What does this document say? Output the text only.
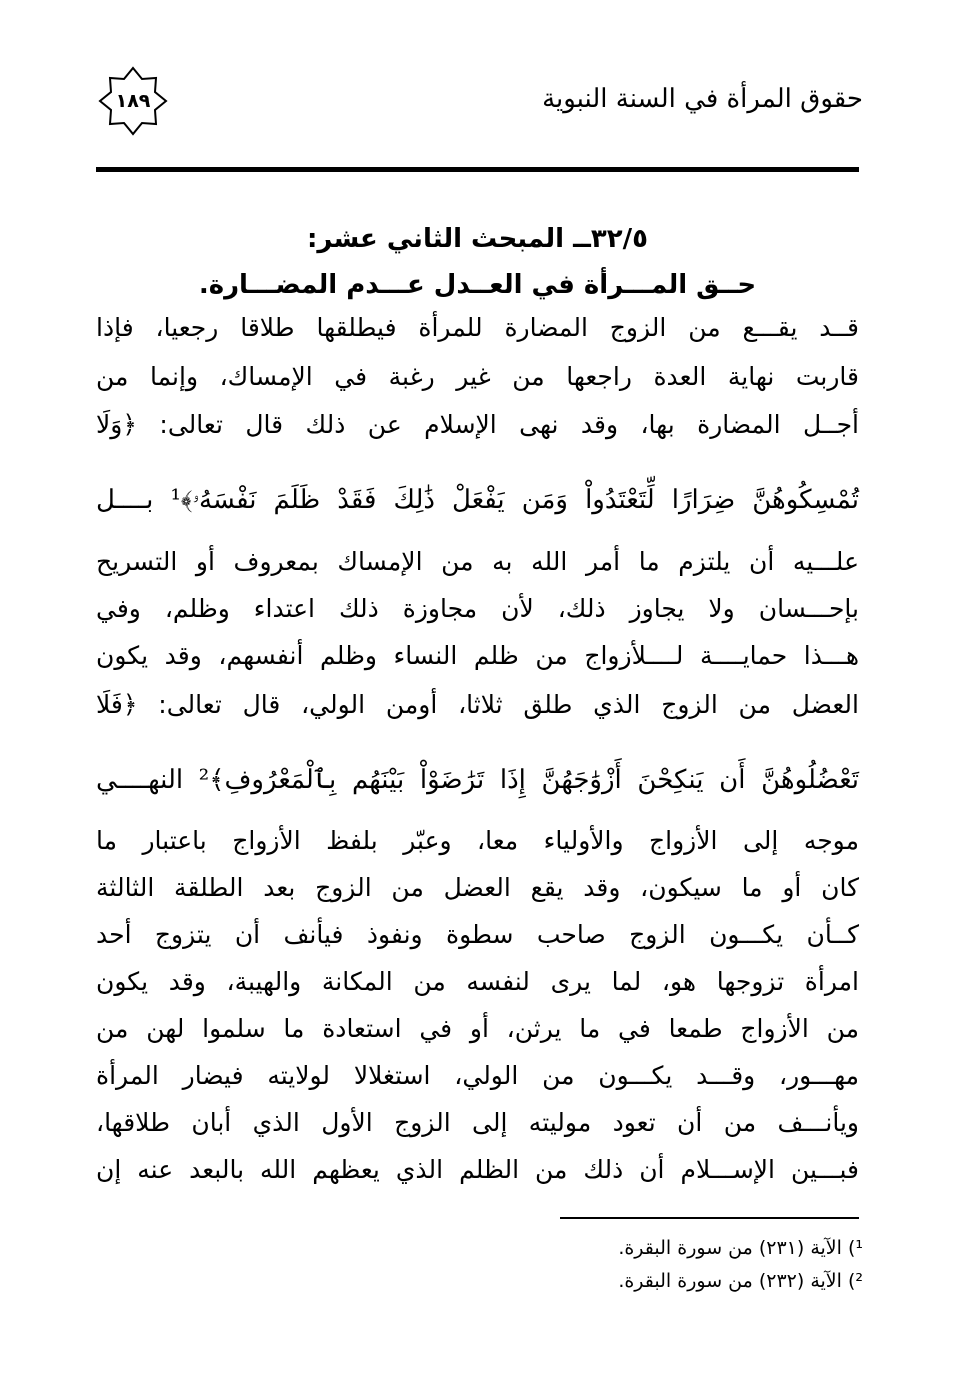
حقوق المرأة في السنة النبوية
١٨٩
٣٢/٥ــ المبحث الثاني عشر:
حــق المـــرأة في العــدل عـــدم المضـــارة.
قــد يقـــع من الزوج المضارة للمرأة فيطلقها طلاقا رجعيا، فإذا
قاربت نهاية العدة راجعها من غير رغبة في الإمساك، وإنما من
أجــل المضارة بها، وقد نهى الإسلام عن ذلك قال تعالى: ﴿وَلَا
تُمْسِكُوهُنَّ ضِرَارًا لِّتَعْتَدُواْ وَمَن يَفْعَلْ ذَٰلِكَ فَقَدْ ظَلَمَ نَفْسَهُۥ﴾¹ بــــل
علـــيه أن يلتزم ما أمر الله به من الإمساك بمعروف أو التسريح
بإحـــسان ولا يجاوز ذلك، لأن مجاوزة ذلك اعتداء وظلم، وفي
هـــذا حمايــــة لــــلأزواج من ظلم النساء وظلم أنفسهم، وقد يكون
العضل من الزوج الذي طلق ثلاثا، أومن الولي، قال تعالى: ﴿فَلَا
تَعْضُلُوهُنَّ أَن يَنكِحْنَ أَزْوَٰجَهُنَّ إِذَا تَرَٰضَوْاْ بَيْنَهُم بِٱلْمَعْرُوفِ﴾² النهــــي
موجه إلى الأزواج والأولياء معا، وعبّر بلفظ الأزواج باعتبار ما
كان أو ما سيكون، وقد يقع العضل من الزوج بعد الطلقة الثالثة
كــأن يكـــون الزوج صاحب سطوة ونفوذ فيأنف أن يتزوج أحد
امرأة تزوجها هو، لما يرى لنفسه من المكانة والهيبة، وقد يكون
من الأزواج طمعا في ما يرثن، أو في استعادة ما سلموا لهن من
مهـــور، وقـــد يكـــون من الولي، استغلالا لولايته فيضار المرأة
ويأنـــف من أن تعود موليته إلى الزوج الأول الذي أبان طلاقها،
فبـــين الإســـلام أن ذلك من الظلم الذي يعظهم الله بالبعد عنه إن
¹) الآية (٢٣١) من سورة البقرة.
²) الآية (٢٣٢) من سورة البقرة.
